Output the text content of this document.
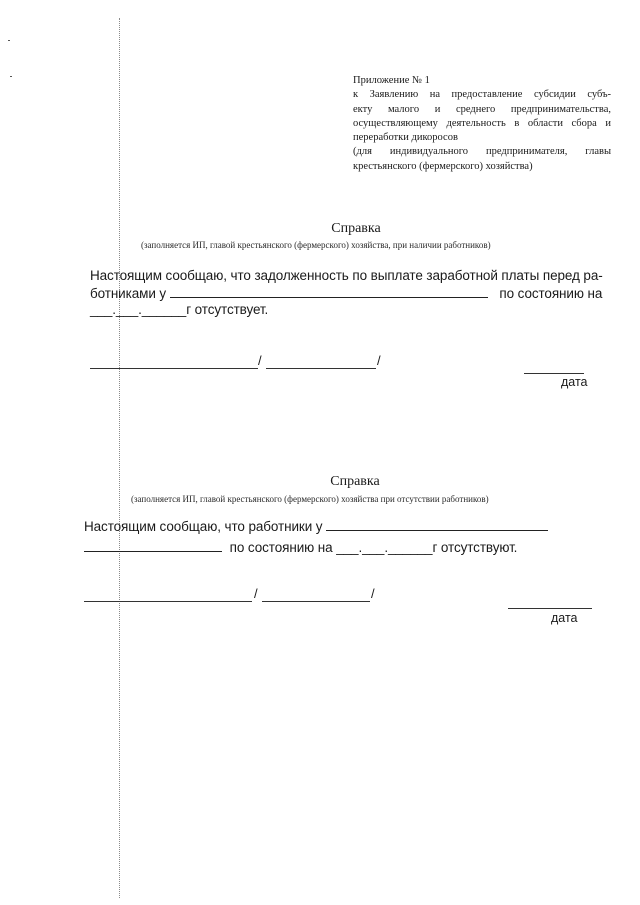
Приложение № 1
к Заявлению на предоставление субсидии субъ-
екту малого и среднего предпринимательства,
осуществляющему деятельность в области сбора и
переработки дикоросов
(для индивидуального предпринимателя, главы
крестьянского (фермерского) хозяйства)
Справка
(заполняется ИП, главой крестьянского (фермерского) хозяйства, при наличии работников)
Настоящим сообщаю, что задолженность по выплате заработной платы перед ра-
ботниками у	по состоянию на
___.___.______г отсутствует.
/	/
дата
Справка
(заполняется ИП, главой крестьянского (фермерского) хозяйства при отсутствии работников)
Настоящим сообщаю, что работники у
по состоянию на ___.___.______г отсутствуют.
/	/
дата
